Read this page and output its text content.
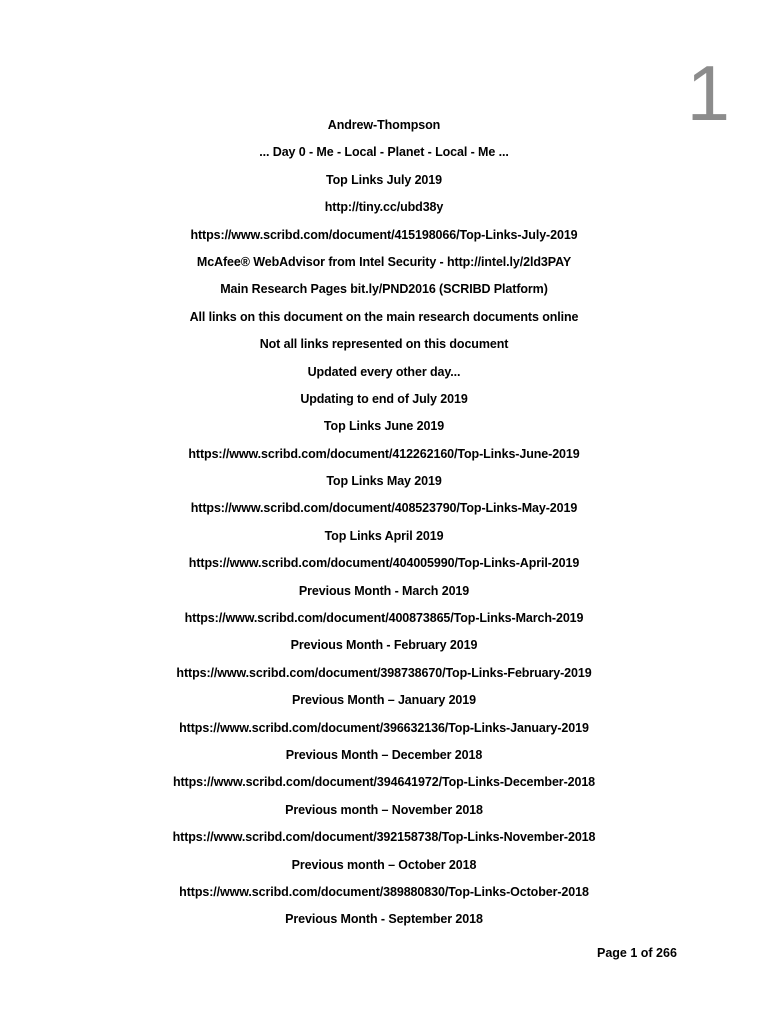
1
Andrew-Thompson
... Day 0 - Me - Local - Planet - Local - Me ...
Top Links July 2019
http://tiny.cc/ubd38y
https://www.scribd.com/document/415198066/Top-Links-July-2019
McAfee® WebAdvisor from Intel Security - http://intel.ly/2ld3PAY
Main Research Pages bit.ly/PND2016 (SCRIBD Platform)
All links on this document on the main research documents online
Not all links represented on this document
Updated every other day...
Updating to end of July 2019
Top Links June 2019
https://www.scribd.com/document/412262160/Top-Links-June-2019
Top Links May 2019
https://www.scribd.com/document/408523790/Top-Links-May-2019
Top Links April 2019
https://www.scribd.com/document/404005990/Top-Links-April-2019
Previous Month - March 2019
https://www.scribd.com/document/400873865/Top-Links-March-2019
Previous Month - February 2019
https://www.scribd.com/document/398738670/Top-Links-February-2019
Previous Month – January 2019
https://www.scribd.com/document/396632136/Top-Links-January-2019
Previous Month – December 2018
https://www.scribd.com/document/394641972/Top-Links-December-2018
Previous month – November 2018
https://www.scribd.com/document/392158738/Top-Links-November-2018
Previous month – October 2018
https://www.scribd.com/document/389880830/Top-Links-October-2018
Previous Month - September 2018
Page 1 of 266
